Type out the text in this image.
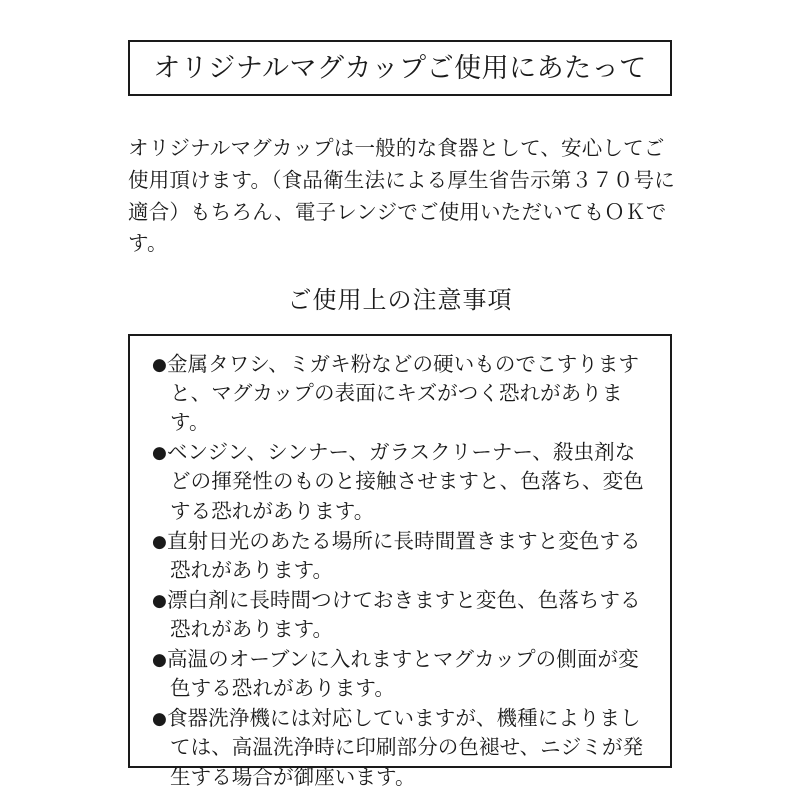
オリジナルマグカップご使用にあたって
オリジナルマグカップは一般的な食器として、安心してご使用頂けます。（食品衛生法による厚生省告示第３７０号に適合）もちろん、電子レンジでご使用いただいてもＯＫです。
ご使用上の注意事項
●金属タワシ、ミガキ粉などの硬いものでこすりますと、マグカップの表面にキズがつく恐れがあります。
●ベンジン、シンナー、ガラスクリーナー、殺虫剤などの揮発性のものと接触させますと、色落ち、変色する恐れがあります。
●直射日光のあたる場所に長時間置きますと変色する恐れがあります。
●漂白剤に長時間つけておきますと変色、色落ちする恐れがあります。
●高温のオーブンに入れますとマグカップの側面が変色する恐れがあります。
●食器洗浄機には対応していますが、機種によりましては、高温洗浄時に印刷部分の色褪せ、ニジミが発生する場合が御座います。
